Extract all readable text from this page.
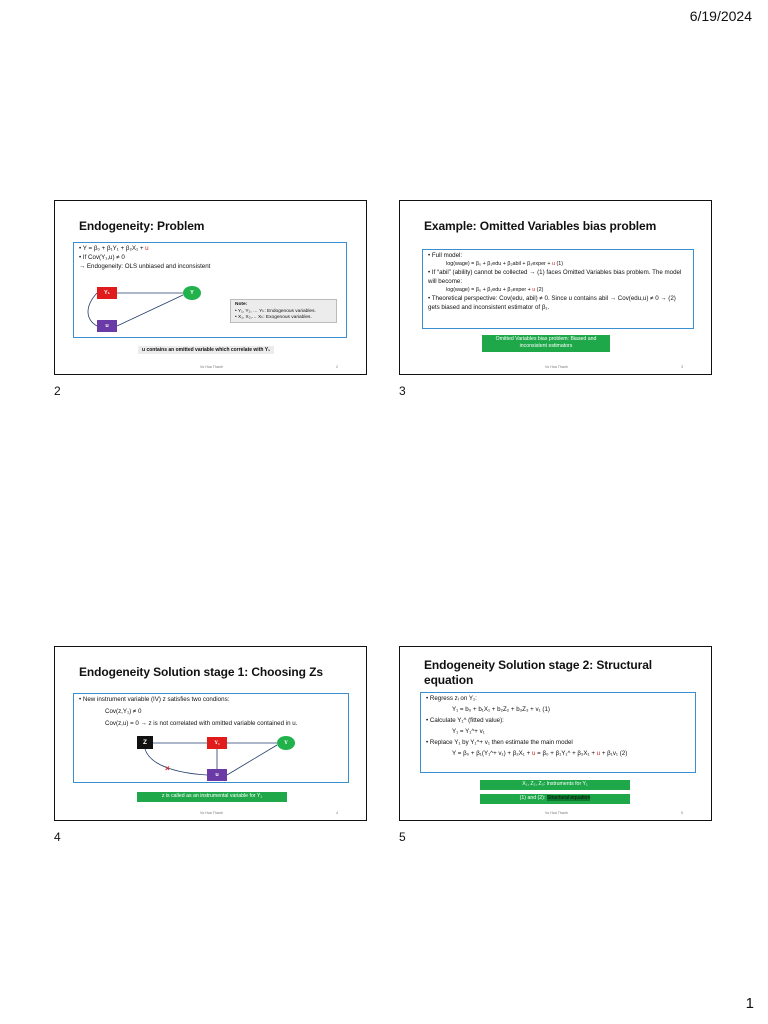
6/19/2024
Endogeneity: Problem
• Y = β₀ + β₁Y₁ + β₂X₁ + u
• If Cov(Y₁,u) ≠ 0
→ Endogeneity: OLS unbiased and inconsistent
Y₁	Y
u
Note:
• Y₁, Y₂, … Yₖ: Endogenous variables.
• X₁, X₂,… Xₖ: Exogenous variables.
u contains an omitted variable which correlate with Y₁
Vo Hoa Thanh	2
2
Example: Omitted Variables bias problem
• Full model:
log(wage) = β₀ + β₁edu + β₂abil + β₃exper + u (1)
• If “abil” (ability) cannot be collected → (1) faces Omitted Variables bias problem. The model will become:
log(wage) = β₀ + β₁edu + β₃exper + u (2)
• Theoretical perspective: Cov(edu, abil) ≠ 0. Since u contains abil → Cov(edu,u) ≠ 0 → (2) gets biased and inconsistent estimator of β₁.
Omitted Variables bias problem: Biased and inconsistent estimators
Vo Hoa Thanh	3
3
Endogeneity Solution stage 1: Choosing Zs
• New instrument variable (IV) z satisfies two condions:
Cov(z,Y₁) ≠ 0
Cov(z,u) = 0 → z is not correlated with omitted variable contained in u.
Z	Y₁	Y
u
×
z is called as an instrumental variable for Y₁
Vo Hoa Thanh	4
4
Endogeneity Solution stage 2: Structural equation
• Regress zᵢ on Y₁:
Y₁ = b₀ + b₁X₁ + b₂Z₂ + b₃Z₃ + v₁ (1)
• Calculate Y₁^ (fitted value):
Y₁ = Y₁^+ v₁
• Replace Y₁ by Y₁^+ v₁ then estimate the main model
Y = β₀ + β₁(Y₁^+ v₁) + β₂X₁ + u = β₀ + β₁Y₁^ + β₂X₁ + u + β₁v₁ (2)
X₁, Z₂, Z₃: Instruments for Y₁
(1) and (2): Structural equation
Vo Hoa Thanh	5
5
1
